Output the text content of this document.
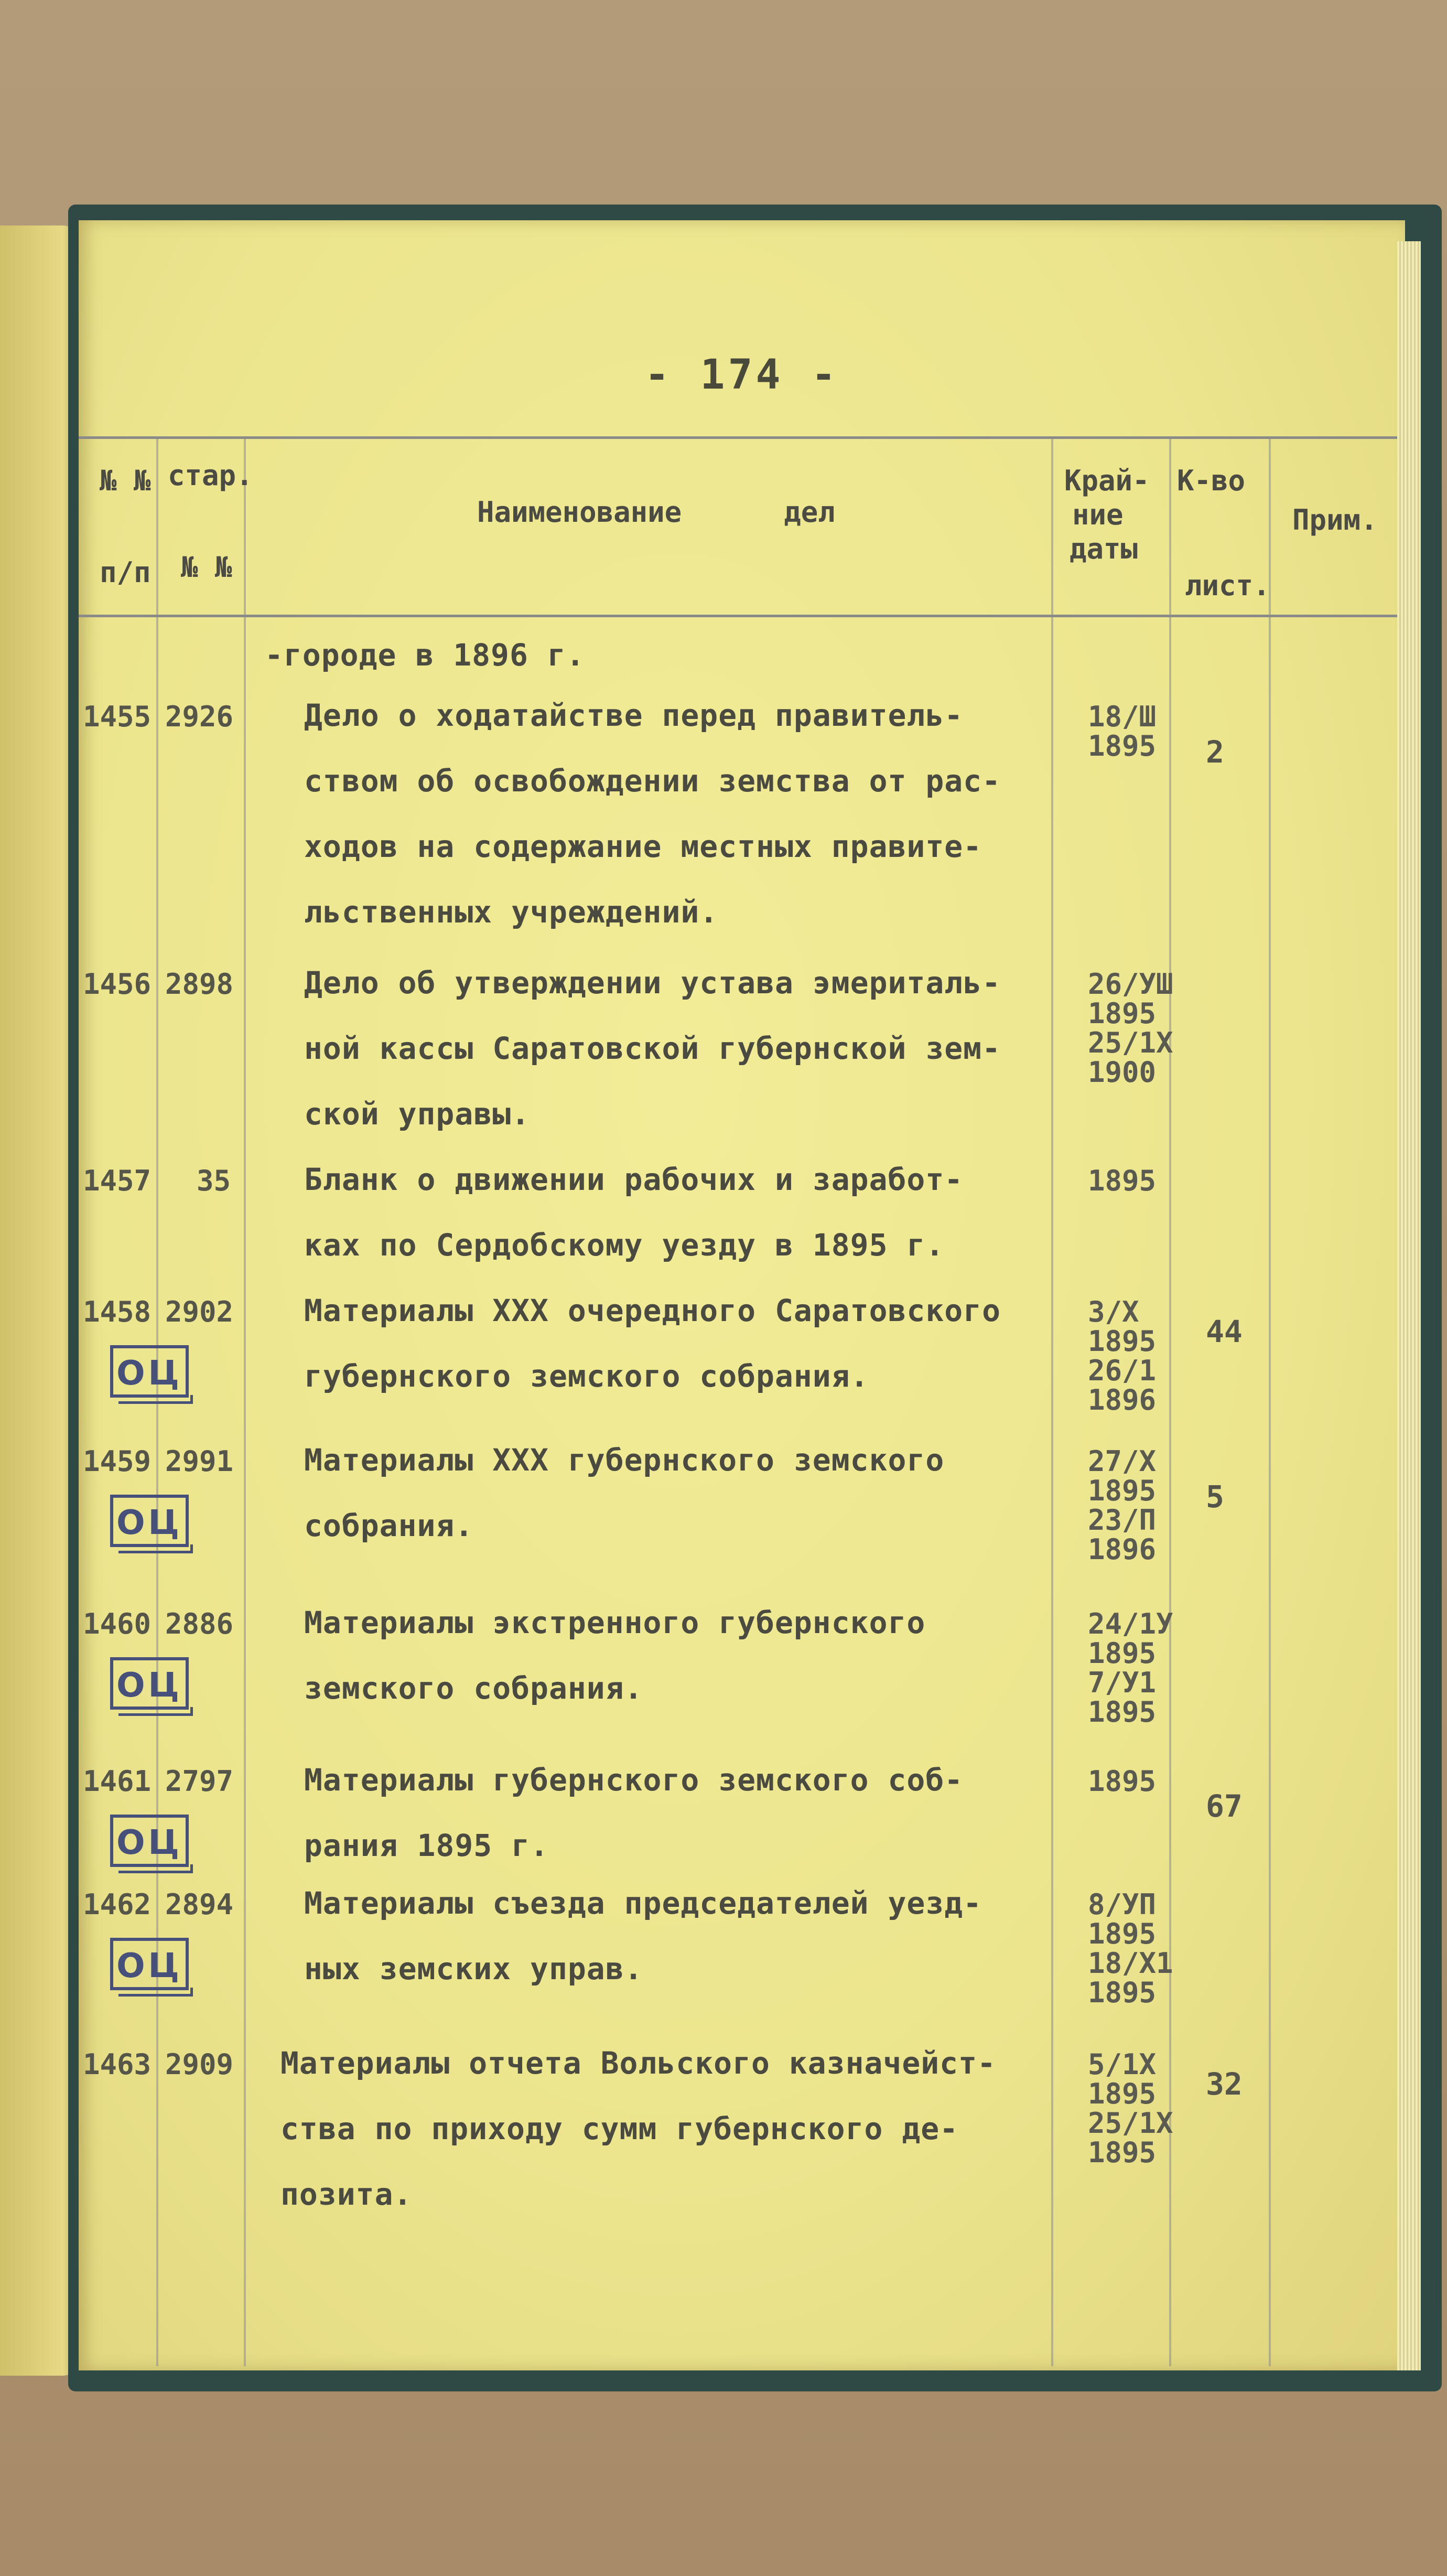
- 174 -
№ №
п/п
стар.
№ №
Наименование      дел
Край-
ние
даты
К-во
лист.
Прим.
-городе в 1896 г.
1455 2926 Дело о ходатайстве перед правитель-
ством об освобождении земства от рас-
ходов на содержание местных правите-
льственных учреждений.
18/Ш
1895 2
1456 2898 Дело об утверждении устава эмериталь-
ной кассы Саратовской губернской зем-
ской управы.
26/УШ
1895
25/1Х
1900
1457 35 Бланк о движении рабочих и заработ-
ках по Сердобскому уезду в 1895 г.
1895
1458 2902 Материалы XXX очередного Саратовского
губернского земского собрания.
3/Х
1895
26/1
1896
44
ОЦ
1459 2991 Материалы XXX губернского земского
собрания.
27/Х
1895
23/П
1896
5
ОЦ
1460 2886 Материалы экстренного губернского
земского собрания.
24/1У
1895
7/У1
1895
ОЦ
1461 2797 Материалы губернского земского соб-
рания 1895 г.
1895
67
ОЦ
1462 2894 Материалы съезда председателей уезд-
ных земских управ.
8/УП
1895
18/Х1
1895
ОЦ
1463 2909 Материалы отчета Вольского казначейст-
ства по приходу сумм губернского де-
позита.
5/1Х
1895
25/1Х
1895
32
